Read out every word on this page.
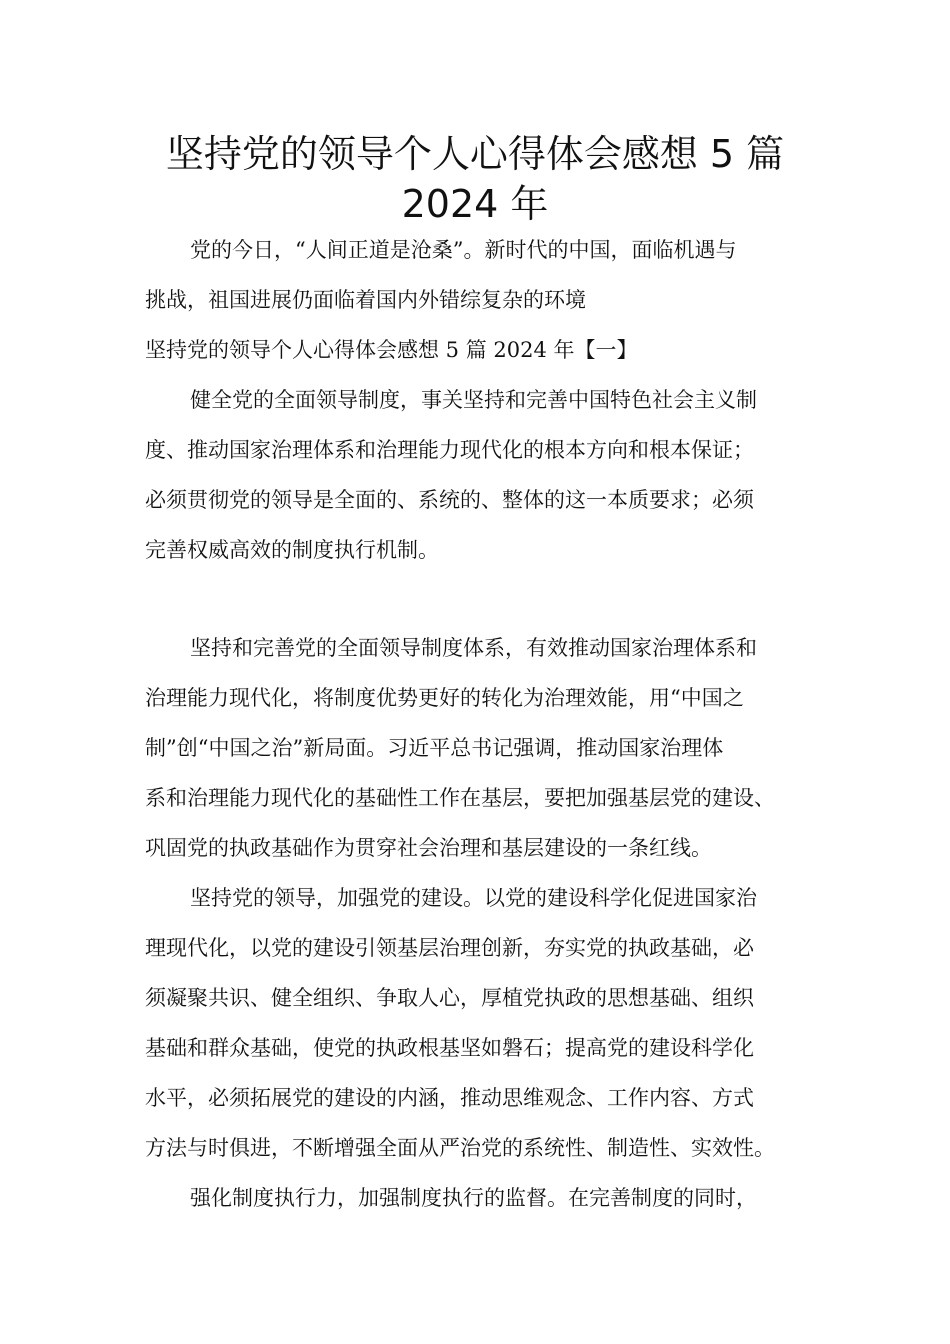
坚持党的领导个人心得体会感想 5 篇
2024 年

党的今日，“人间正道是沧桑”。新时代的中国，面临机遇与

挑战，祖国进展仍面临着国内外错综复杂的环境

坚持党的领导个人心得体会感想 5 篇 2024 年【一】

健全党的全面领导制度，事关坚持和完善中国特色社会主义制

度、推动国家治理体系和治理能力现代化的根本方向和根本保证；

必须贯彻党的领导是全面的、系统的、整体的这一本质要求；必须

完善权威高效的制度执行机制。

坚持和完善党的全面领导制度体系，有效推动国家治理体系和

治理能力现代化，将制度优势更好的转化为治理效能，用“中国之

制”创“中国之治”新局面。习近平总书记强调，推动国家治理体

系和治理能力现代化的基础性工作在基层，要把加强基层党的建设、

巩固党的执政基础作为贯穿社会治理和基层建设的一条红线。

坚持党的领导，加强党的建设。以党的建设科学化促进国家治

理现代化，以党的建设引领基层治理创新，夯实党的执政基础，必

须凝聚共识、健全组织、争取人心，厚植党执政的思想基础、组织

基础和群众基础，使党的执政根基坚如磐石；提高党的建设科学化

水平，必须拓展党的建设的内涵，推动思维观念、工作内容、方式

方法与时俱进，不断增强全面从严治党的系统性、制造性、实效性。

强化制度执行力，加强制度执行的监督。在完善制度的同时，
